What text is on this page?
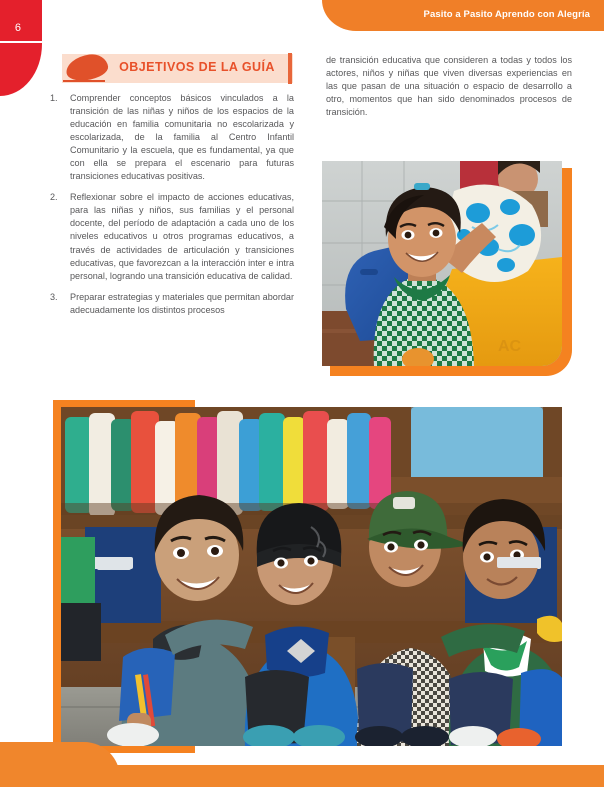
6
Pasito a Pasito Aprendo con Alegría
OBJETIVOS DE LA GUÍA
1.	Comprender conceptos básicos vinculados a la transición de las niñas y niños de los espacios de la educación en familia comunitaria no escolarizada y escolarizada, de la familia al Centro Infantil Comunitario y la escuela, que es fundamental, ya que con ella se prepara el escenario para futuras transiciones educativas positivas.
2.	Reflexionar sobre el impacto de acciones educativas, para las niñas y niños, sus familias y el personal docente, del período de adaptación a cada uno de los niveles educativos u otros programas educativos, a través de actividades de articulación y transiciones educativas, que favorezcan a la interacción inter e intra personal, logrando una transición educativa de calidad.
3.	Preparar estrategias y materiales que permitan abordar adecuadamente los distintos procesos

de transición educativa que consideren a todas y todos los actores, niños y niñas que viven diversas experiencias en las que pasan de una situación o espacio de desarrollo a otro, momentos que han sido denominados procesos de transición.

AC
